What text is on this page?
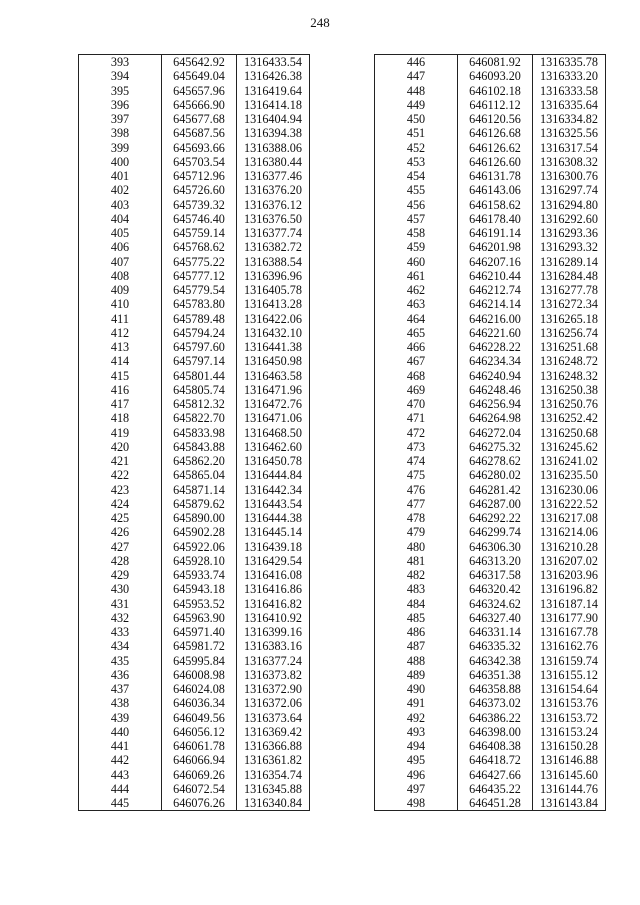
248
393	645642.92	1316433.54
394	645649.04	1316426.38
395	645657.96	1316419.64
396	645666.90	1316414.18
397	645677.68	1316404.94
398	645687.56	1316394.38
399	645693.66	1316388.06
400	645703.54	1316380.44
401	645712.96	1316377.46
402	645726.60	1316376.20
403	645739.32	1316376.12
404	645746.40	1316376.50
405	645759.14	1316377.74
406	645768.62	1316382.72
407	645775.22	1316388.54
408	645777.12	1316396.96
409	645779.54	1316405.78
410	645783.80	1316413.28
411	645789.48	1316422.06
412	645794.24	1316432.10
413	645797.60	1316441.38
414	645797.14	1316450.98
415	645801.44	1316463.58
416	645805.74	1316471.96
417	645812.32	1316472.76
418	645822.70	1316471.06
419	645833.98	1316468.50
420	645843.88	1316462.60
421	645862.20	1316450.78
422	645865.04	1316444.84
423	645871.14	1316442.34
424	645879.62	1316443.54
425	645890.00	1316444.38
426	645902.28	1316445.14
427	645922.06	1316439.18
428	645928.10	1316429.54
429	645933.74	1316416.08
430	645943.18	1316416.86
431	645953.52	1316416.82
432	645963.90	1316410.92
433	645971.40	1316399.16
434	645981.72	1316383.16
435	645995.84	1316377.24
436	646008.98	1316373.82
437	646024.08	1316372.90
438	646036.34	1316372.06
439	646049.56	1316373.64
440	646056.12	1316369.42
441	646061.78	1316366.88
442	646066.94	1316361.82
443	646069.26	1316354.74
444	646072.54	1316345.88
445	646076.26	1316340.84
446	646081.92	1316335.78
447	646093.20	1316333.20
448	646102.18	1316333.58
449	646112.12	1316335.64
450	646120.56	1316334.82
451	646126.68	1316325.56
452	646126.62	1316317.54
453	646126.60	1316308.32
454	646131.78	1316300.76
455	646143.06	1316297.74
456	646158.62	1316294.80
457	646178.40	1316292.60
458	646191.14	1316293.36
459	646201.98	1316293.32
460	646207.16	1316289.14
461	646210.44	1316284.48
462	646212.74	1316277.78
463	646214.14	1316272.34
464	646216.00	1316265.18
465	646221.60	1316256.74
466	646228.22	1316251.68
467	646234.34	1316248.72
468	646240.94	1316248.32
469	646248.46	1316250.38
470	646256.94	1316250.76
471	646264.98	1316252.42
472	646272.04	1316250.68
473	646275.32	1316245.62
474	646278.62	1316241.02
475	646280.02	1316235.50
476	646281.42	1316230.06
477	646287.00	1316222.52
478	646292.22	1316217.08
479	646299.74	1316214.06
480	646306.30	1316210.28
481	646313.20	1316207.02
482	646317.58	1316203.96
483	646320.42	1316196.82
484	646324.62	1316187.14
485	646327.40	1316177.90
486	646331.14	1316167.78
487	646335.32	1316162.76
488	646342.38	1316159.74
489	646351.38	1316155.12
490	646358.88	1316154.64
491	646373.02	1316153.76
492	646386.22	1316153.72
493	646398.00	1316153.24
494	646408.38	1316150.28
495	646418.72	1316146.88
496	646427.66	1316145.60
497	646435.22	1316144.76
498	646451.28	1316143.84
